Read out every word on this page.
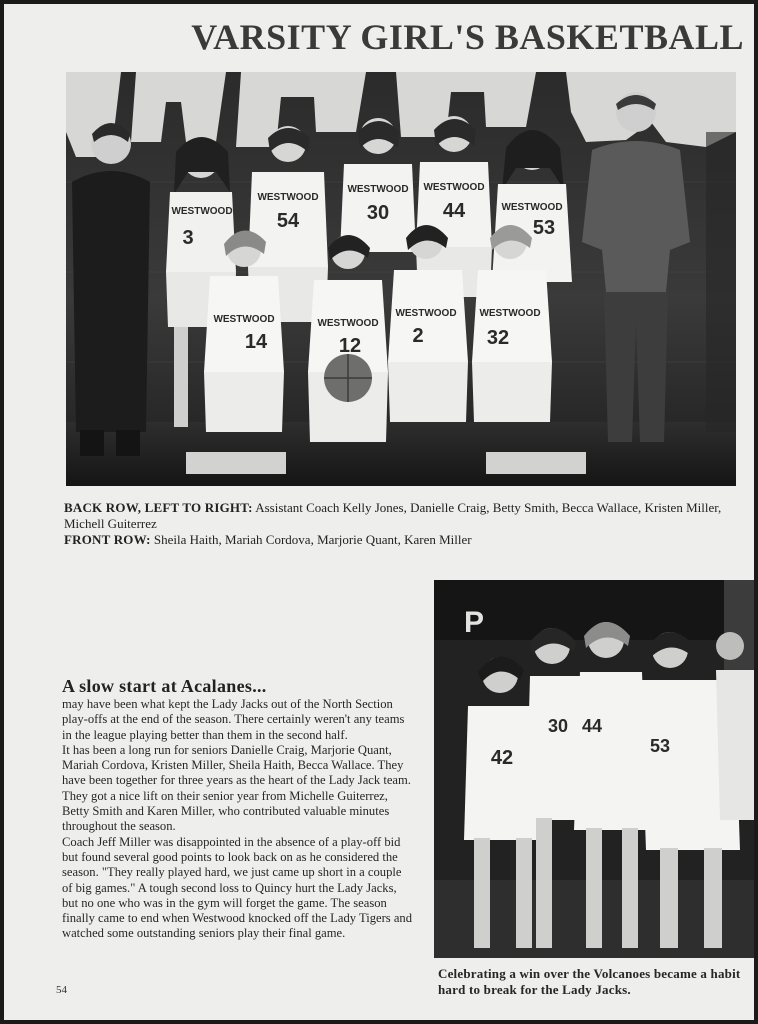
VARSITY GIRL'S BASKETBALL
WESTWOOD
3
WESTWOOD
54
WESTWOOD
30
WESTWOOD
44	WESTWOOD
53
WESTWOOD
14
WESTWOOD
12
WESTWOOD
2
WESTWOOD
32
BACK ROW, LEFT TO RIGHT: Assistant Coach Kelly Jones, Danielle Craig, Betty Smith, Becca Wallace, Kristen Miller, Michell Guiterrez
FRONT ROW: Sheila Haith, Mariah Cordova, Marjorie Quant, Karen Miller
A slow start at Acalanes...

may have been what kept the Lady Jacks out of the North Section play-offs at the end of the season. There certainly weren't any teams in the league playing better than them in the second half.

It has been a long run for seniors Danielle Craig, Marjorie Quant, Mariah Cordova, Kristen Miller, Sheila Haith, Becca Wallace. They have been together for three years as the heart of the Lady Jack team. They got a nice lift on their senior year from Michelle Guiterrez, Betty Smith and Karen Miller, who contributed valuable minutes throughout the season.

Coach Jeff Miller was disappointed in the absence of a play-off bid but found several good points to look back on as he considered the season. "They really played hard, we just came up short in a couple of big games." A tough second loss to Quincy hurt the Lady Jacks, but no one who was in the gym will forget the game. The season finally came to end when Westwood knocked off the Lady Tigers and watched some outstanding seniors play their final game.

P
42
30 44
53
Celebrating a win over the Volcanoes became a habit hard to break for the Lady Jacks.
54
